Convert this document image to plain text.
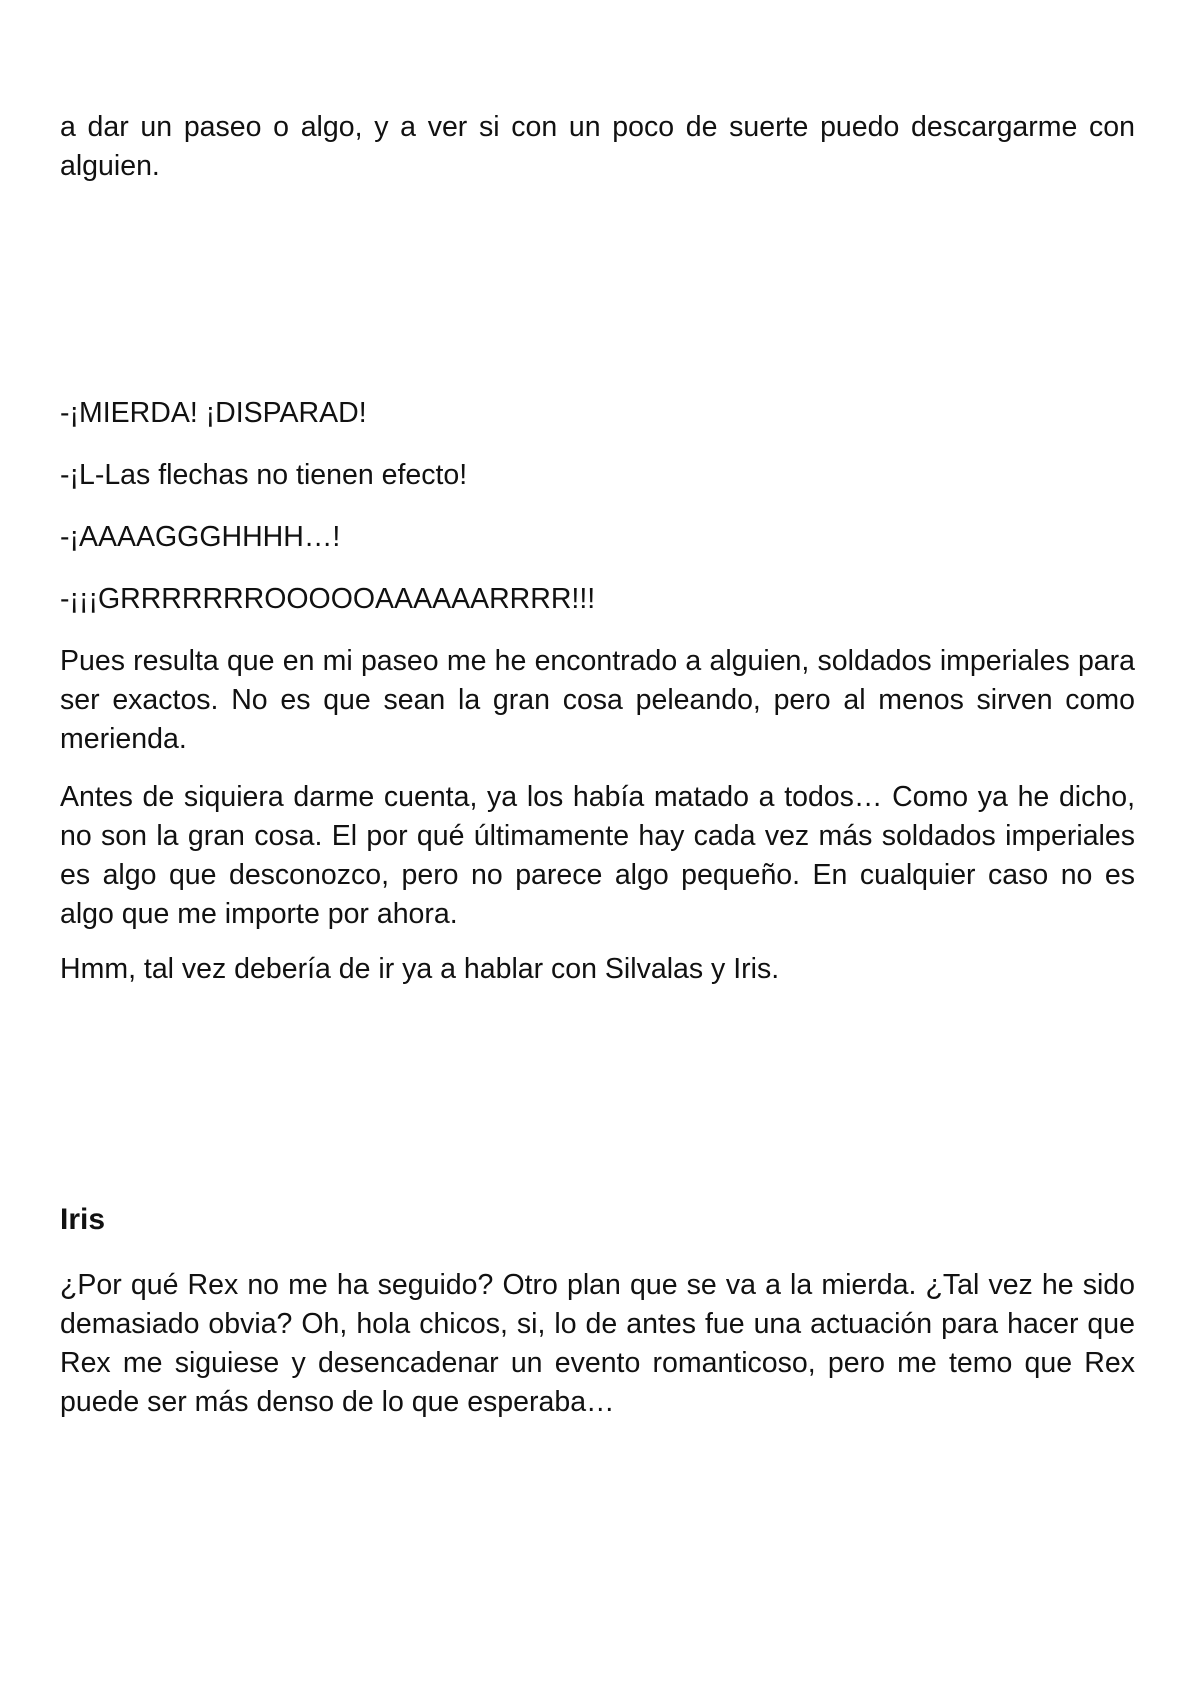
a dar un paseo o algo, y a ver si con un poco de suerte puedo descargarme con alguien.

-¡MIERDA! ¡DISPARAD!

-¡L-Las flechas no tienen efecto!

-¡AAAAGGGHHHH…!

-¡¡¡GRRRRRRROOOOOAAAAAARRRR!!!

Pues resulta que en mi paseo me he encontrado a alguien, soldados imperiales para ser exactos. No es que sean la gran cosa peleando, pero al menos sirven como merienda.

Antes de siquiera darme cuenta, ya los había matado a todos… Como ya he dicho, no son la gran cosa. El por qué últimamente hay cada vez más soldados imperiales es algo que desconozco, pero no parece algo pequeño. En cualquier caso no es algo que me importe por ahora.

Hmm, tal vez debería de ir ya a hablar con Silvalas y Iris.

Iris

¿Por qué Rex no me ha seguido? Otro plan que se va a la mierda. ¿Tal vez he sido demasiado obvia? Oh, hola chicos, si, lo de antes fue una actuación para hacer que Rex me siguiese y desencadenar un evento romanticoso, pero me temo que Rex puede ser más denso de lo que esperaba…
